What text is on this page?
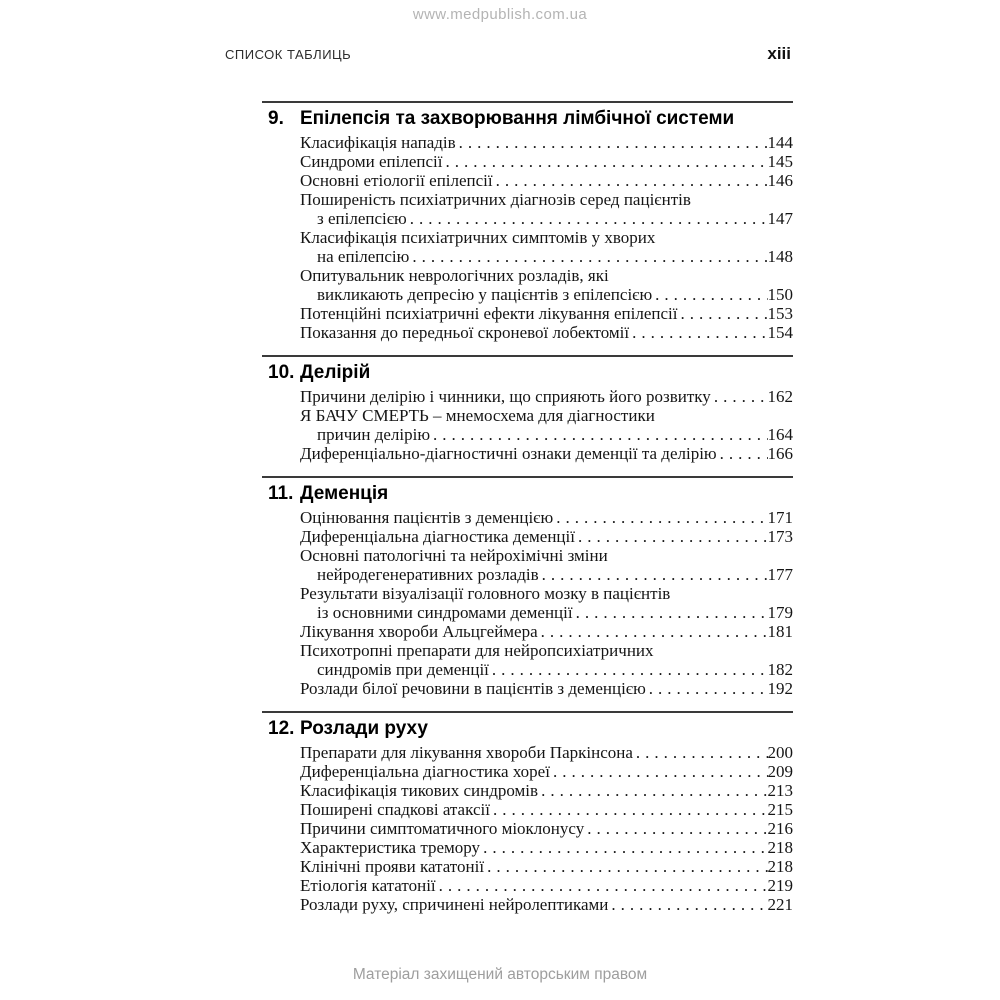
www.medpublish.com.ua
СПИСОК ТАБЛИЦЬ	xiii
9. Епілепсія та захворювання лімбічної системи
Класифікація нападів .....	144
Синдроми епілепсії .....	145
Основні етіології епілепсії .....	146
Поширеність психіатричних діагнозів серед пацієнтів
з епілепсією .....	147
Класифікація психіатричних симптомів у хворих
на епілепсію .....	148
Опитувальник неврологічних розладів, які
викликають депресію у пацієнтів з епілепсією .....	150
Потенційні психіатричні ефекти лікування епілепсії .....	153
Показання до передньої скроневої лобектомії .....	154
10. Делірій
Причини делірію і чинники, що сприяють його розвитку .....	162
Я БАЧУ СМЕРТЬ – мнемосхема для діагностики
причин делірію .....	164
Диференціально-діагностичні ознаки деменції та делірію .....	166
11. Деменція
Оцінювання пацієнтів з деменцією .....	171
Диференціальна діагностика деменції .....	173
Основні патологічні та нейрохімічні зміни
нейродегенеративних розладів .....	177
Результати візуалізації головного мозку в пацієнтів
із основними синдромами деменції .....	179
Лікування хвороби Альцгеймера .....	181
Психотропні препарати для нейропсихіатричних
синдромів при деменції .....	182
Розлади білої речовини в пацієнтів з деменцією .....	192
12. Розлади руху
Препарати для лікування хвороби Паркінсона .....	200
Диференціальна діагностика хореї .....	209
Класифікація тикових синдромів .....	213
Поширені спадкові атаксії .....	215
Причини симптоматичного міоклонусу .....	216
Характеристика тремору .....	218
Клінічні прояви кататонії .....	218
Етіологія кататонії .....	219
Розлади руху, спричинені нейролептиками .....	221
Матеріал захищений авторським правом
